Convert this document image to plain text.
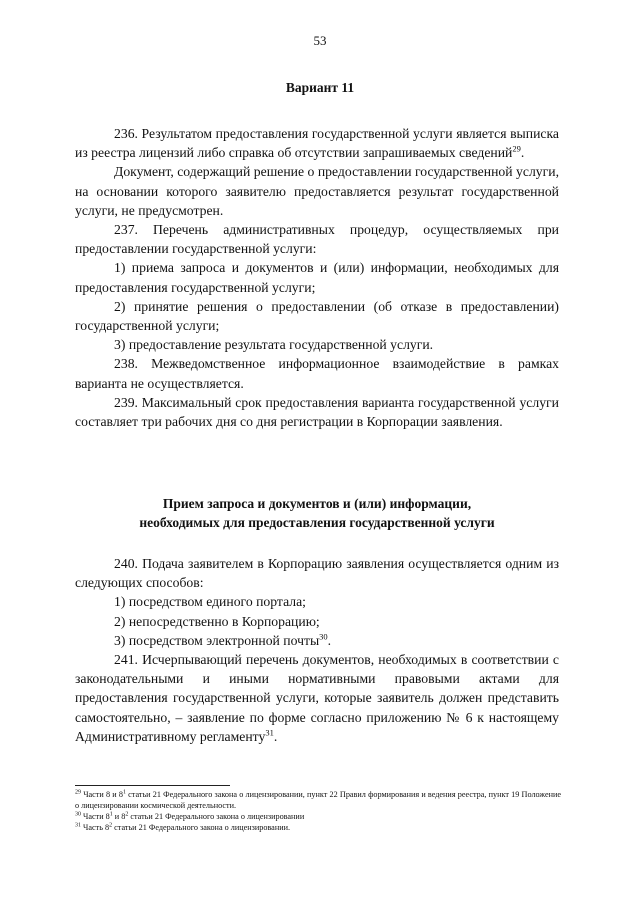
53
Вариант 11

236. Результатом предоставления государственной услуги является выписка из реестра лицензий либо справка об отсутствии запрашиваемых сведений$^{29}$.

Документ, содержащий решение о предоставлении государственной услуги, на основании которого заявителю предоставляется результат государственной услуги, не предусмотрен.

237. Перечень административных процедур, осуществляемых при предоставлении государственной услуги:

1) приема запроса и документов и (или) информации, необходимых для предоставления государственной услуги;

2) принятие решения о предоставлении (об отказе в предоставлении) государственной услуги;

3) предоставление результата государственной услуги.

238. Межведомственное информационное взаимодействие в рамках варианта не осуществляется.

239. Максимальный срок предоставления варианта государственной услуги составляет три рабочих дня со дня регистрации в Корпорации заявления.

Прием запроса и документов и (или) информации,
необходимых для предоставления государственной услуги

240. Подача заявителем в Корпорацию заявления осуществляется одним из следующих способов:

1) посредством единого портала;

2) непосредственно в Корпорацию;

3) посредством электронной почты$^{30}$.

241. Исчерпывающий перечень документов, необходимых в соответствии с законодательными и иными нормативными правовыми актами для предоставления государственной услуги, которые заявитель должен представить самостоятельно, – заявление по форме согласно приложению № 6 к настоящему Административному регламенту$^{31}$.

$^{29}$ Части 8 и $8^1$ статьи 21 Федерального закона о лицензировании, пункт 22 Правил формирования и ведения реестра, пункт 19 Положение о лицензировании космической деятельности.

$^{30}$ Части $8^1$ и $8^2$ статьи 21 Федерального закона о лицензировании

$^{31}$ Часть $8^2$ статьи 21 Федерального закона о лицензировании.
